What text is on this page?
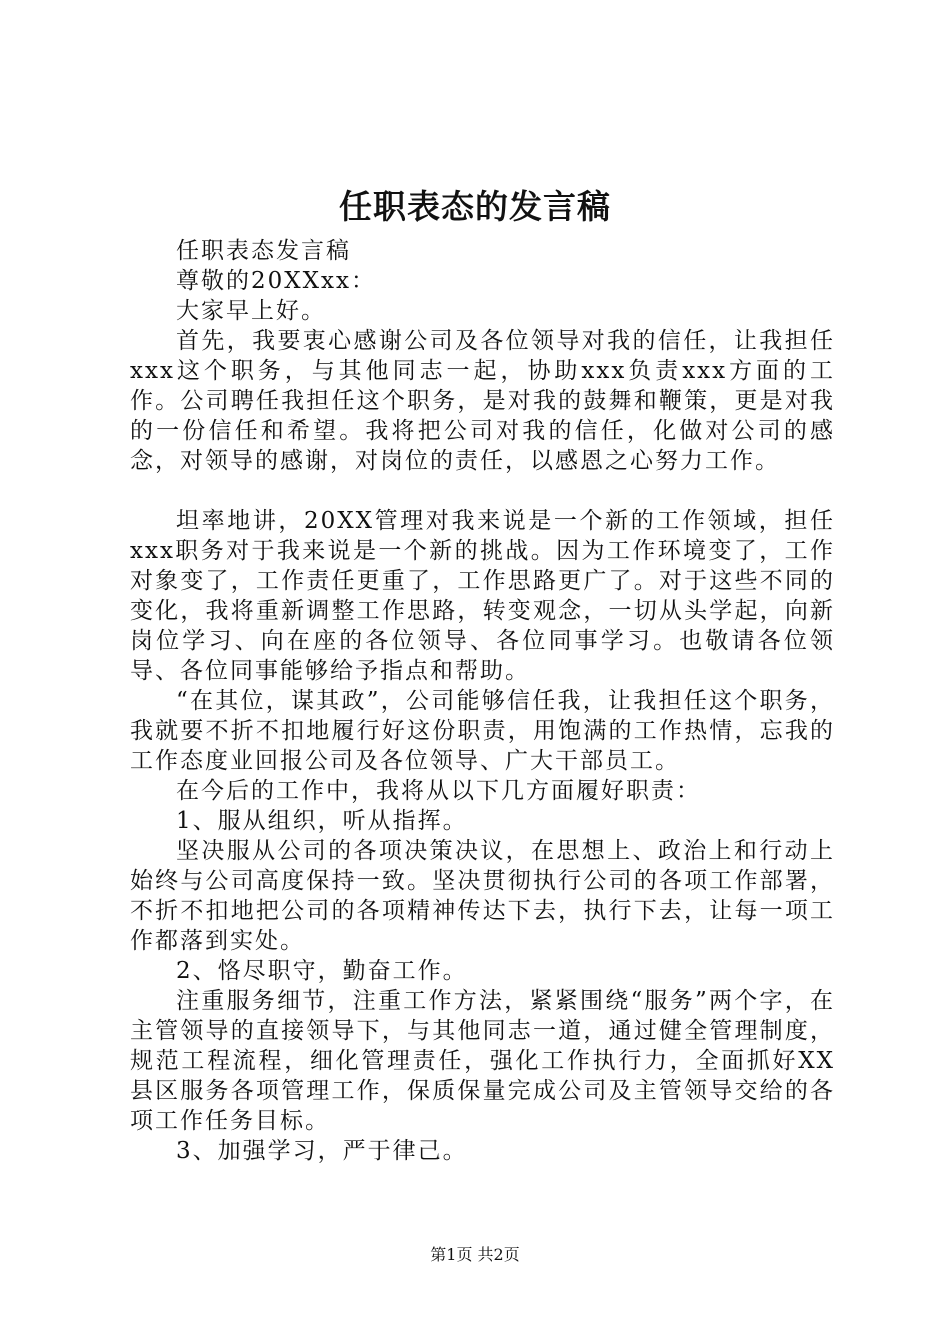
任职表态的发言稿

任职表态发言稿

尊敬的20XXxx：

大家早上好。

首先，我要衷心感谢公司及各位领导对我的信任，让我担任xxx这个职务，与其他同志一起，协助xxx负责xxx方面的工作。公司聘任我担任这个职务，是对我的鼓舞和鞭策，更是对我的一份信任和希望。我将把公司对我的信任，化做对公司的感念，对领导的感谢，对岗位的责任，以感恩之心努力工作。

坦率地讲，20XX管理对我来说是一个新的工作领域，担任xxx职务对于我来说是一个新的挑战。因为工作环境变了，工作对象变了，工作责任更重了，工作思路更广了。对于这些不同的变化，我将重新调整工作思路，转变观念，一切从头学起，向新岗位学习、向在座的各位领导、各位同事学习。也敬请各位领导、各位同事能够给予指点和帮助。

“在其位，谋其政”，公司能够信任我，让我担任这个职务，我就要不折不扣地履行好这份职责，用饱满的工作热情，忘我的工作态度业回报公司及各位领导、广大干部员工。

在今后的工作中，我将从以下几方面履好职责：

1、服从组织，听从指挥。

坚决服从公司的各项决策决议，在思想上、政治上和行动上始终与公司高度保持一致。坚决贯彻执行公司的各项工作部署，不折不扣地把公司的各项精神传达下去，执行下去，让每一项工作都落到实处。

2、恪尽职守，勤奋工作。

注重服务细节，注重工作方法，紧紧围绕“服务”两个字，在主管领导的直接领导下，与其他同志一道，通过健全管理制度，规范工程流程，细化管理责任，强化工作执行力，全面抓好XX县区服务各项管理工作，保质保量完成公司及主管领导交给的各项工作任务目标。

3、加强学习，严于律己。

第1页 共2页
